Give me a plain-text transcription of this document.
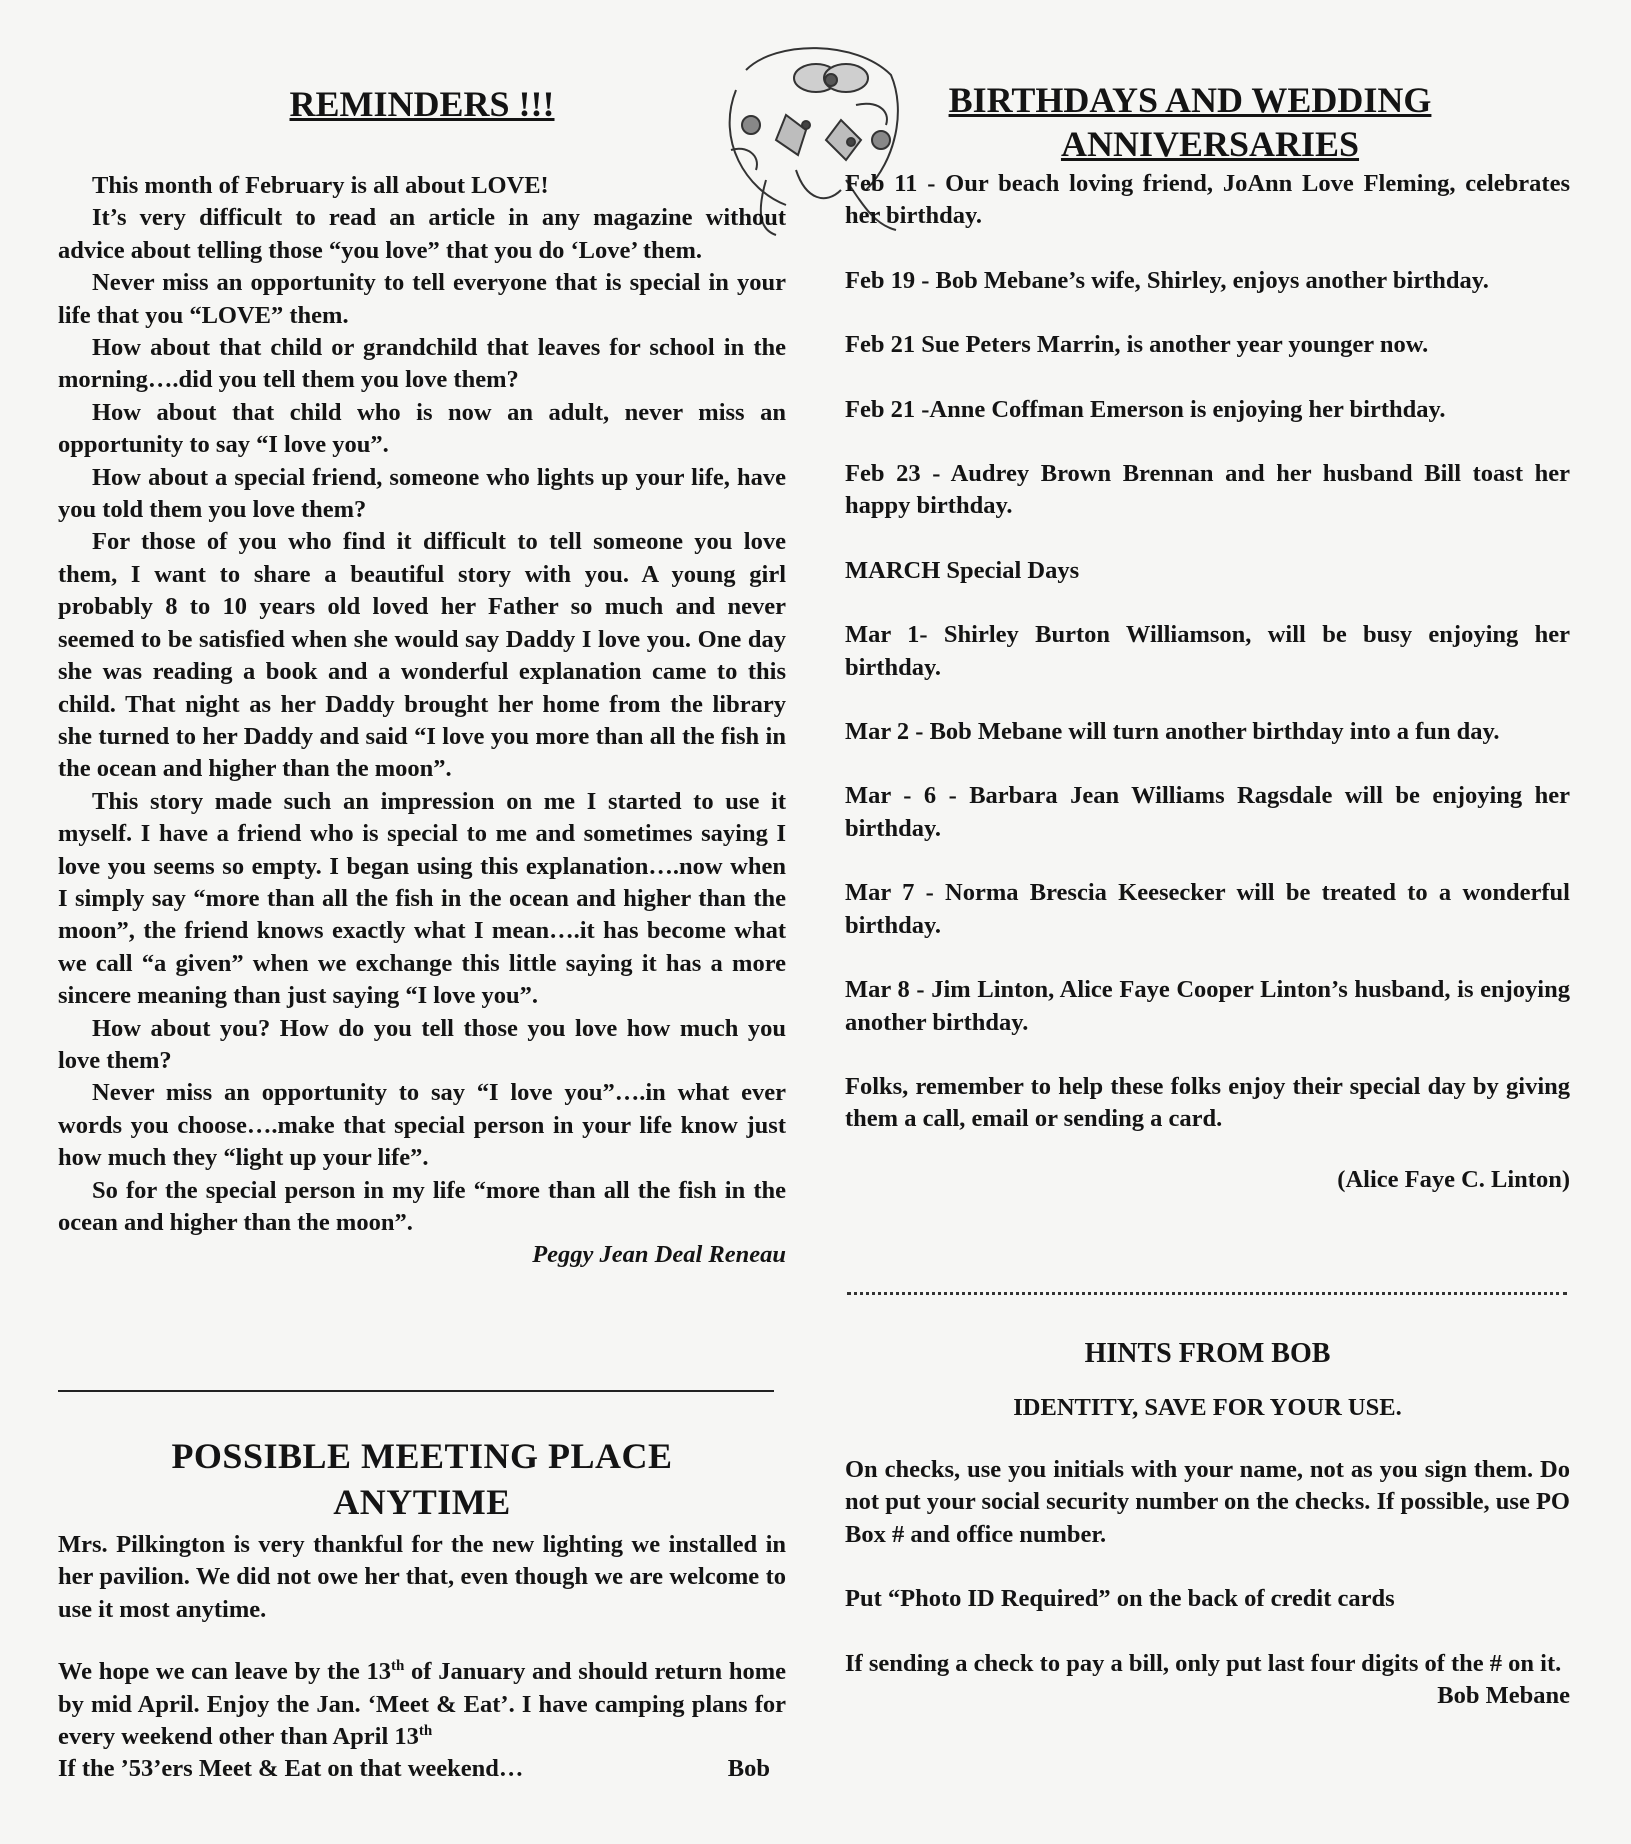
REMINDERS !!!

This month of February is all about LOVE!

It’s very difficult to read an article in any magazine without advice about telling those “you love” that you do ‘Love’ them.

Never miss an opportunity to tell everyone that is special in your life that you “LOVE” them.

How about that child or grandchild that leaves for school in the morning….did you tell them you love them?

How about that child who is now an adult, never miss an opportunity to say “I love you”.

How about a special friend, someone who lights up your life, have you told them you love them?

For those of you who find it difficult to tell someone you love them, I want to share a beautiful story with you. A young girl probably 8 to 10 years old loved her Father so much and never seemed to be satisfied when she would say Daddy I love you. One day she was reading a book and a wonderful explanation came to this child. That night as her Daddy brought her home from the library she turned to her Daddy and said “I love you more than all the fish in the ocean and higher than the moon”.

This story made such an impression on me I started to use it myself. I have a friend who is special to me and sometimes saying I love you seems so empty. I began using this explanation….now when I simply say “more than all the fish in the ocean and higher than the moon”, the friend knows exactly what I mean….it has become what we call “a given” when we exchange this little saying it has a more sincere meaning than just saying “I love you”.

How about you? How do you tell those you love how much you love them?

Never miss an opportunity to say “I love you”….in what ever words you choose….make that special person in your life know just how much they “light up your life”.

So for the special person in my life “more than all the fish in the ocean and higher than the moon”.

Peggy Jean Deal Reneau

POSSIBLE MEETING PLACE

ANYTIME

Mrs. Pilkington is very thankful for the new lighting we installed in her pavilion. We did not owe her that, even though we are welcome to use it most anytime.

We hope we can leave by the 13th of January and should return home by mid April. Enjoy the Jan. ‘Meet & Eat’. I have camping plans for every weekend other than April 13th

If the ’53’ers Meet & Eat on that weekend…	Bob

BIRTHDAYS AND WEDDING
ANNIVERSARIES

Feb 11 - Our beach loving friend, JoAnn Love Fleming, celebrates her birthday.

Feb 19 - Bob Mebane’s wife, Shirley, enjoys another birthday.

Feb 21 Sue Peters Marrin, is another year younger now.

Feb 21 -Anne Coffman Emerson is enjoying her birthday.

Feb 23 - Audrey Brown Brennan and her husband Bill toast her happy birthday.

MARCH Special Days

Mar 1- Shirley Burton Williamson, will be busy enjoying her birthday.

Mar 2 - Bob Mebane will turn another birthday into a fun day.

Mar - 6 - Barbara Jean Williams Ragsdale will be enjoying her birthday.

Mar 7 - Norma Brescia Keesecker will be treated to a wonderful birthday.

Mar 8 - Jim Linton, Alice Faye Cooper Linton’s husband, is enjoying another birthday.

Folks, remember to help these folks enjoy their special day by giving them a call, email or sending a card.

(Alice Faye C. Linton)

HINTS FROM BOB

IDENTITY, SAVE FOR YOUR USE.

On checks, use you initials with your name, not as you sign them. Do not put your social security number on the checks. If possible, use PO Box # and office number.

Put “Photo ID Required” on the back of credit cards

If sending a check to pay a bill, only put last four digits of the # on it.

Bob Mebane
